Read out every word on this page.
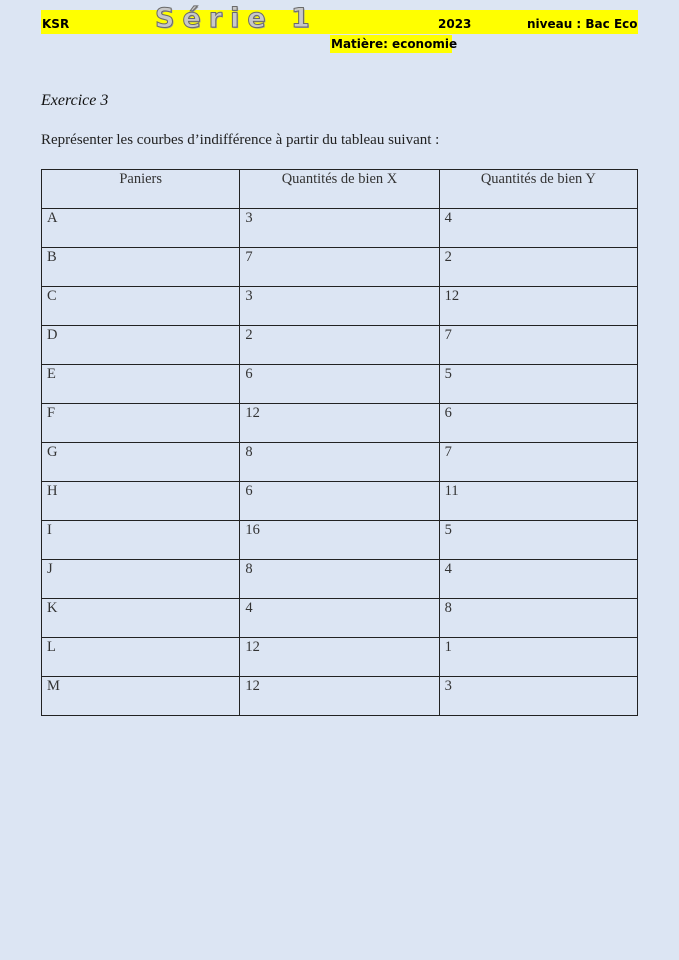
KSR	Série 1	2023	niveau : Bac Eco
Matière: economie
Exercice 3
Représenter les courbes d’indifférence à partir du tableau suivant :
Paniers	Quantités de bien X	Quantités de bien Y
A	3	4
B	7	2
C	3	12
D	2	7
E	6	5
F	12	6
G	8	7
H	6	11
I	16	5
J	8	4
K	4	8
L	12	1
M	12	3
